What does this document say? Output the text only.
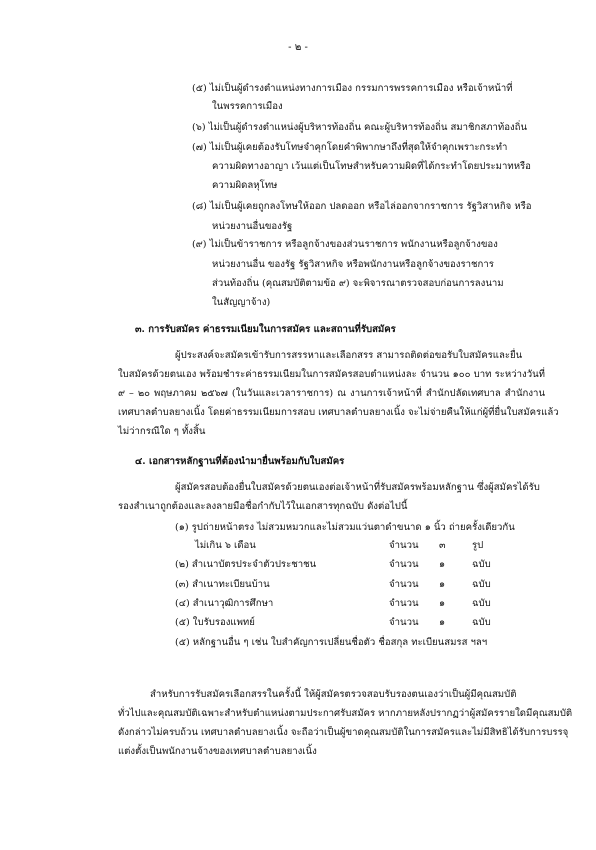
- ๒ -
(๕) ไม่เป็นผู้ดำรงตำแหน่งทางการเมือง กรรมการพรรคการเมือง หรือเจ้าหน้าที่
ในพรรคการเมือง
(๖) ไม่เป็นผู้ดำรงตำแหน่งผู้บริหารท้องถิ่น คณะผู้บริหารท้องถิ่น สมาชิกสภาท้องถิ่น
(๗) ไม่เป็นผู้เคยต้องรับโทษจำคุกโดยคำพิพากษาถึงที่สุดให้จำคุกเพราะกระทำ
ความผิดทางอาญา เว้นแต่เป็นโทษสำหรับความผิดที่ได้กระทำโดยประมาทหรือ
ความผิดลหุโทษ
(๘) ไม่เป็นผู้เคยถูกลงโทษให้ออก ปลดออก หรือไล่ออกจากราชการ รัฐวิสาหกิจ หรือ
หน่วยงานอื่นของรัฐ
(๙) ไม่เป็นข้าราชการ หรือลูกจ้างของส่วนราชการ พนักงานหรือลูกจ้างของ
หน่วยงานอื่น ของรัฐ รัฐวิสาหกิจ หรือพนักงานหรือลูกจ้างของราชการ
ส่วนท้องถิ่น (คุณสมบัติตามข้อ ๙) จะพิจารณาตรวจสอบก่อนการลงนาม
ในสัญญาจ้าง)
๓. การรับสมัคร ค่าธรรมเนียมในการสมัคร และสถานที่รับสมัคร
ผู้ประสงค์จะสมัครเข้ารับการสรรหาและเลือกสรร สามารถติดต่อขอรับใบสมัครและยื่น
ใบสมัครด้วยตนเอง พร้อมชำระค่าธรรมเนียมในการสมัครสอบตำแหน่งละ จำนวน ๑๐๐ บาท ระหว่างวันที่
๙ – ๒๐ พฤษภาคม ๒๕๖๗ (ในวันและเวลาราชการ) ณ งานการเจ้าหน้าที่ สำนักปลัดเทศบาล สำนักงาน
เทศบาลตำบลยางเนิ้ง โดยค่าธรรมเนียมการสอบ เทศบาลตำบลยางเนิ้ง จะไม่จ่ายคืนให้แก่ผู้ที่ยื่นใบสมัครแล้ว
ไม่ว่ากรณีใด ๆ ทั้งสิ้น
๔. เอกสารหลักฐานที่ต้องนำมายื่นพร้อมกับใบสมัคร
ผู้สมัครสอบต้องยื่นใบสมัครด้วยตนเองต่อเจ้าหน้าที่รับสมัครพร้อมหลักฐาน ซึ่งผู้สมัครได้รับ
รองสำเนาถูกต้องและลงลายมือชื่อกำกับไว้ในเอกสารทุกฉบับ ดังต่อไปนี้
(๑) รูปถ่ายหน้าตรง ไม่สวมหมวกและไม่สวมแว่นตาดำขนาด ๑ นิ้ว ถ่ายครั้งเดียวกัน
ไม่เกิน ๖ เดือน	จำนวน ๓	รูป
(๒) สำเนาบัตรประจำตัวประชาชน	จำนวน ๑	ฉบับ
(๓) สำเนาทะเบียนบ้าน	จำนวน ๑	ฉบับ
(๔) สำเนาวุฒิการศึกษา	จำนวน ๑	ฉบับ
(๕) ใบรับรองแพทย์	จำนวน ๑	ฉบับ
(๕) หลักฐานอื่น ๆ เช่น ใบสำคัญการเปลี่ยนชื่อตัว ชื่อสกุล ทะเบียนสมรส ฯลฯ
สำหรับการรับสมัครเลือกสรรในครั้งนี้ ให้ผู้สมัครตรวจสอบรับรองตนเองว่าเป็นผู้มีคุณสมบัติ
ทั่วไปและคุณสมบัติเฉพาะสำหรับตำแหน่งตามประกาศรับสมัคร หากภายหลังปรากฏว่าผู้สมัครรายใดมีคุณสมบัติ
ดังกล่าวไม่ครบถ้วน เทศบาลตำบลยางเนิ้ง จะถือว่าเป็นผู้ขาดคุณสมบัติในการสมัครและไม่มีสิทธิได้รับการบรรจุ
แต่งตั้งเป็นพนักงานจ้างของเทศบาลตำบลยางเนิ้ง
